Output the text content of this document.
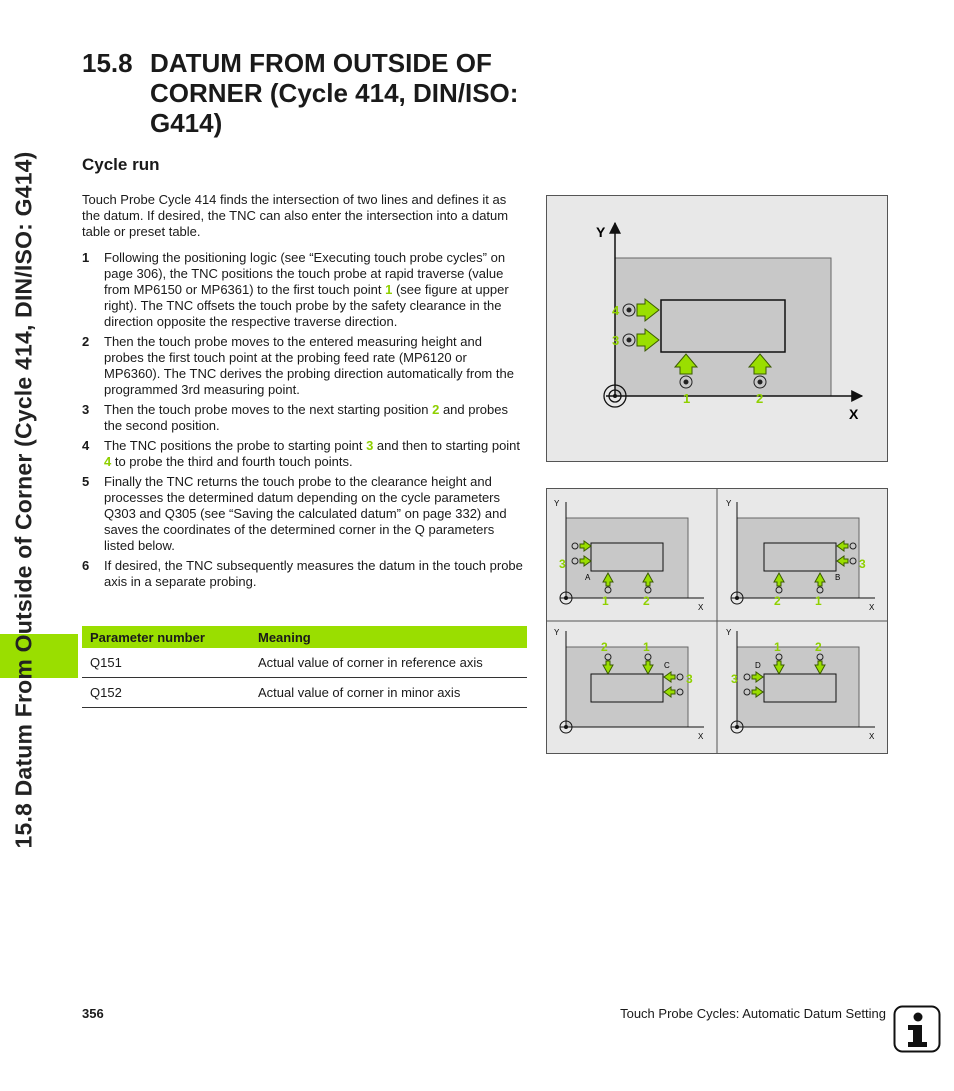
15.8 Datum From Outside of Corner (Cycle 414, DIN/ISO: G414)
15.8 DATUM FROM OUTSIDE OF CORNER (Cycle 414, DIN/ISO: G414)
Cycle run

Touch Probe Cycle 414 finds the intersection of two lines and defines it as the datum. If desired, the TNC can also enter the intersection into a datum table or preset table.

1 Following the positioning logic (see “Executing touch probe cycles” on page 306), the TNC positions the touch probe at rapid traverse (value from MP6150 or MP6361) to the first touch point 1 (see figure at upper right). The TNC offsets the touch probe by the safety clearance in the direction opposite the respective traverse direction.
2 Then the touch probe moves to the entered measuring height and probes the first touch point at the probing feed rate (MP6120 or MP6360). The TNC derives the probing direction automatically from the programmed 3rd measuring point.
3 Then the touch probe moves to the next starting position 2 and probes the second position.
4 The TNC positions the probe to starting point 3 and then to starting point 4 to probe the third and fourth touch points.
5 Finally the TNC returns the touch probe to the clearance height and processes the determined datum depending on the cycle parameters Q303 and Q305 (see “Saving the calculated datum” on page 332) and saves the coordinates of the determined corner in the Q parameters listed below.
6 If desired, the TNC subsequently measures the datum in the touch probe axis in a separate probing.
Parameter number	Meaning
Q151	Actual value of corner in reference axis
Q152	Actual value of corner in minor axis
Y
X
1	2
3
4
Y
X
A
1	2
3
Y
X
B
2	1
3
Y
X
C
2	1
3
Y
X
D
1	2
3
356	Touch Probe Cycles: Automatic Datum Setting
